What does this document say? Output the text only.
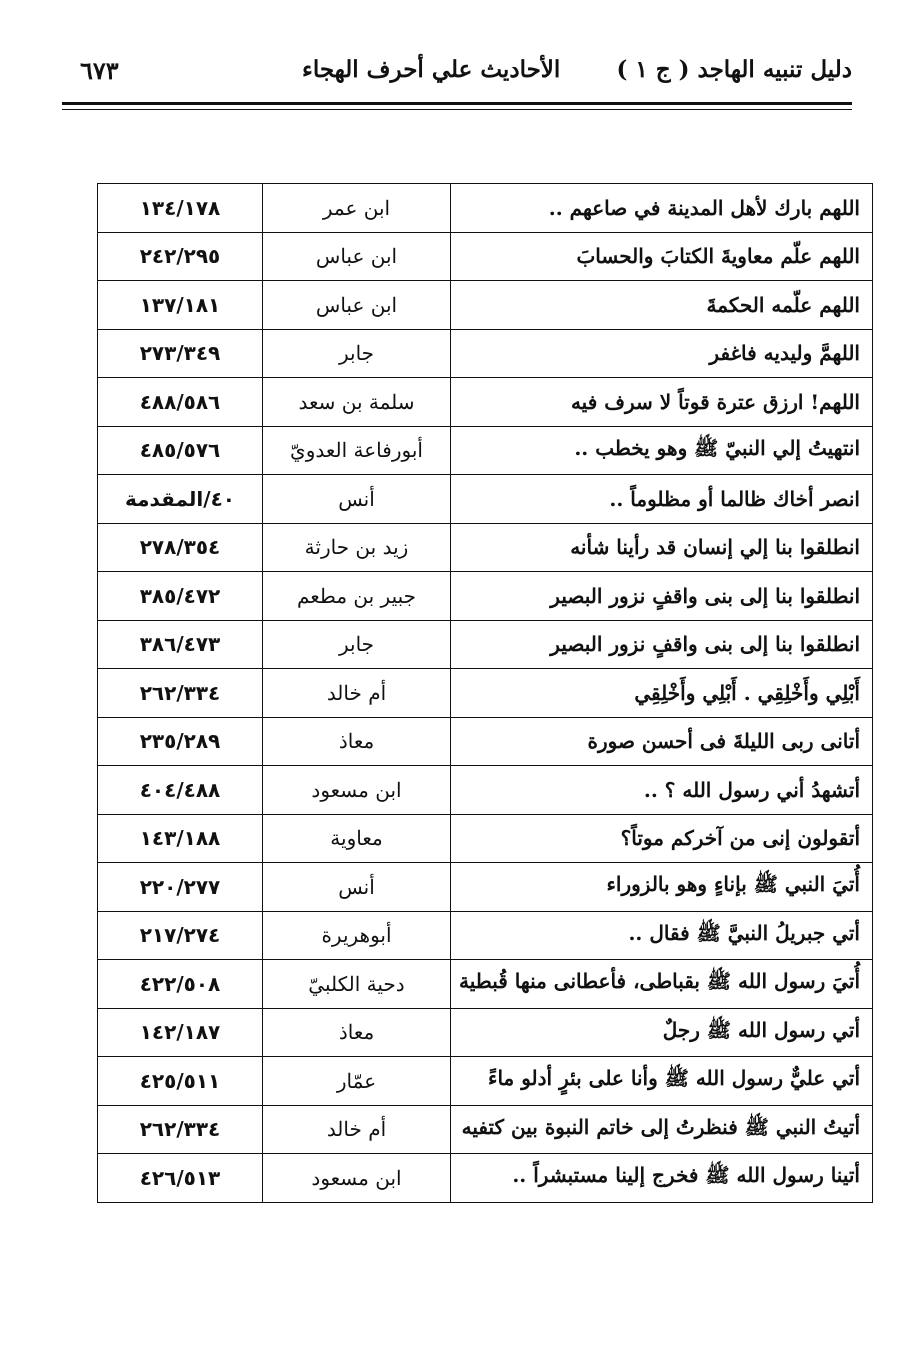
دليل تنبيه الهاجد ( ج ١ )
الأحاديث علي أحرف الهجاء
٦٧٣
اللهم بارك لأهل المدينة في صاعهم ..	ابن عمر	١٣٤/١٧٨
اللهم علّم معاويةَ الكتابَ والحسابَ	ابن عباس	٢٤٢/٢٩٥
اللهم علّمه الحكمةَ	ابن عباس	١٣٧/١٨١
اللهمَّ وليديه فاغفر	جابر	٢٧٣/٣٤٩
اللهم! ارزق عترة قوتاً لا سرف فيه	سلمة بن سعد	٤٨٨/٥٨٦
انتهيتُ إلي النبيّ ﷺ وهو يخطب ..	أبورفاعة العدويّ	٤٨٥/٥٧٦
انصر أخاك ظالما أو مظلوماً ..	أنس	٤٠/المقدمة
انطلقوا بنا إلي إنسان قد رأينا شأنه	زيد بن حارثة	٢٧٨/٣٥٤
انطلقوا بنا إلى بنى واقفٍ نزور البصير	جبير بن مطعم	٣٨٥/٤٧٢
انطلقوا بنا إلى بنى واقفٍ نزور البصير	جابر	٣٨٦/٤٧٣
أَبْلِي وأَخْلِقِي . أَبْلِي وأَخْلِقِي	أم خالد	٢٦٢/٣٣٤
أتانى ربى الليلةَ فى أحسن صورة	معاذ	٢٣٥/٢٨٩
أتشهدُ أني رسول الله ؟ ..	ابن مسعود	٤٠٤/٤٨٨
أتقولون إنى من آخركم موتاً؟	معاوية	١٤٣/١٨٨
أُتيَ النبي ﷺ بإناءٍ وهو بالزوراء	أنس	٢٢٠/٢٧٧
أتي جبريلُ النبيَّ ﷺ فقال ..	أبوهريرة	٢١٧/٢٧٤
أُتيَ رسول الله ﷺ بقباطى، فأعطانى منها قُبطية	دحية الكلبيّ	٤٢٢/٥٠٨
أتي رسول الله ﷺ رجلٌ	معاذ	١٤٢/١٨٧
أتي عليٌّ رسول الله ﷺ وأنا على بئرٍ أدلو ماءً	عمّار	٤٢٥/٥١١
أتيتُ النبي ﷺ فنظرتُ إلى خاتم النبوة بين كتفيه	أم خالد	٢٦٢/٣٣٤
أتينا رسول الله ﷺ فخرج إلينا مستبشراً ..	ابن مسعود	٤٢٦/٥١٣
